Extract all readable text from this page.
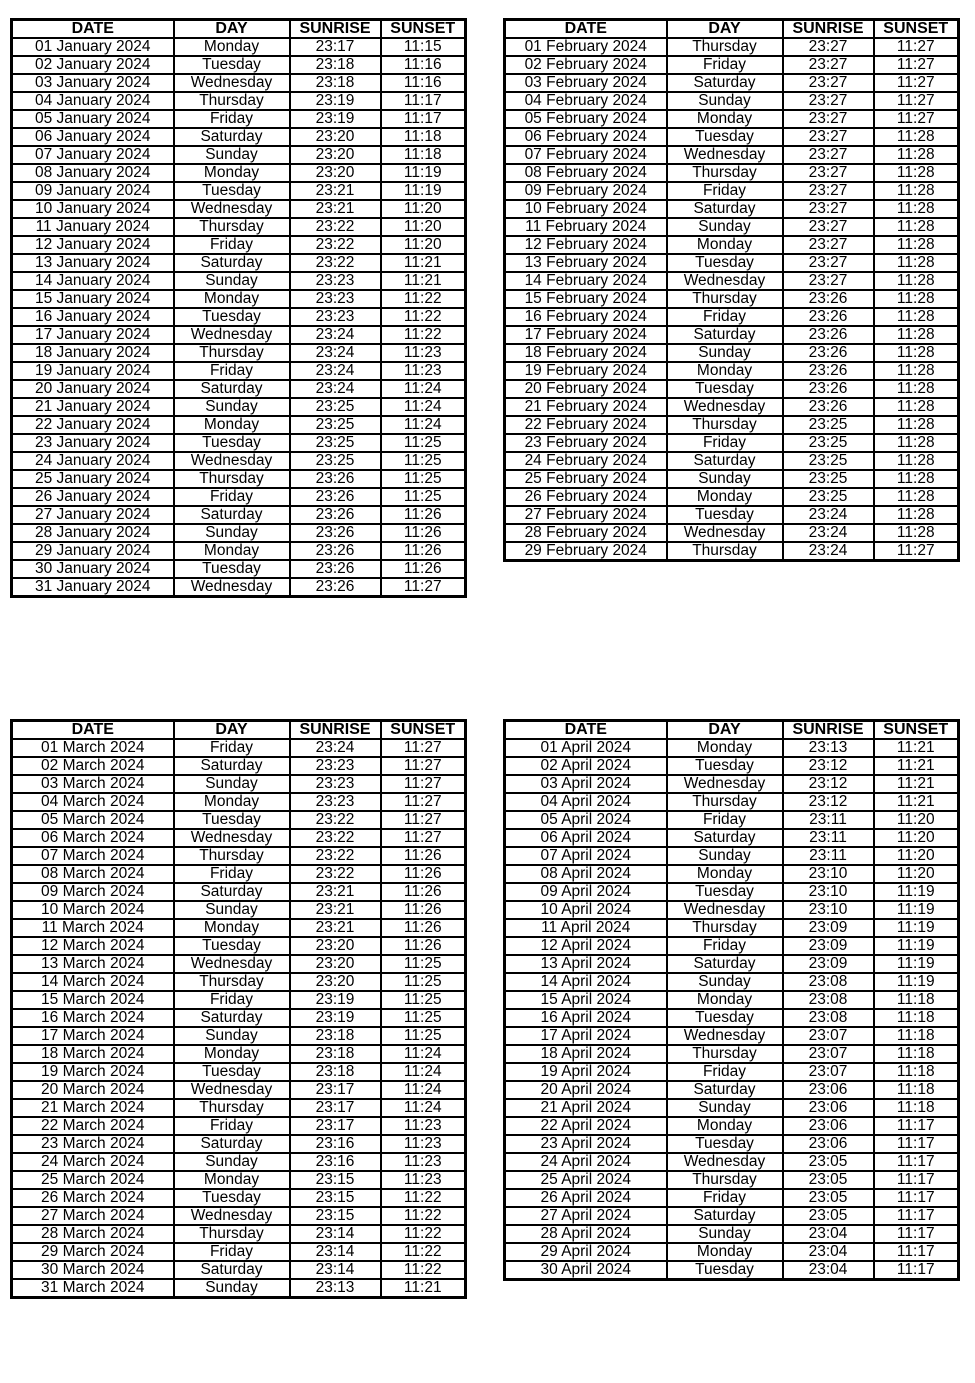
DATE	DAY	SUNRISE	SUNSET
01 January 2024	Monday	23:17	11:15
02 January 2024	Tuesday	23:18	11:16
03 January 2024	Wednesday	23:18	11:16
04 January 2024	Thursday	23:19	11:17
05 January 2024	Friday	23:19	11:17
06 January 2024	Saturday	23:20	11:18
07 January 2024	Sunday	23:20	11:18
08 January 2024	Monday	23:20	11:19
09 January 2024	Tuesday	23:21	11:19
10 January 2024	Wednesday	23:21	11:20
11 January 2024	Thursday	23:22	11:20
12 January 2024	Friday	23:22	11:20
13 January 2024	Saturday	23:22	11:21
14 January 2024	Sunday	23:23	11:21
15 January 2024	Monday	23:23	11:22
16 January 2024	Tuesday	23:23	11:22
17 January 2024	Wednesday	23:24	11:22
18 January 2024	Thursday	23:24	11:23
19 January 2024	Friday	23:24	11:23
20 January 2024	Saturday	23:24	11:24
21 January 2024	Sunday	23:25	11:24
22 January 2024	Monday	23:25	11:24
23 January 2024	Tuesday	23:25	11:25
24 January 2024	Wednesday	23:25	11:25
25 January 2024	Thursday	23:26	11:25
26 January 2024	Friday	23:26	11:25
27 January 2024	Saturday	23:26	11:26
28 January 2024	Sunday	23:26	11:26
29 January 2024	Monday	23:26	11:26
30 January 2024	Tuesday	23:26	11:26
31 January 2024	Wednesday	23:26	11:27
DATE	DAY	SUNRISE	SUNSET
01 February 2024	Thursday	23:27	11:27
02 February 2024	Friday	23:27	11:27
03 February 2024	Saturday	23:27	11:27
04 February 2024	Sunday	23:27	11:27
05 February 2024	Monday	23:27	11:27
06 February 2024	Tuesday	23:27	11:28
07 February 2024	Wednesday	23:27	11:28
08 February 2024	Thursday	23:27	11:28
09 February 2024	Friday	23:27	11:28
10 February 2024	Saturday	23:27	11:28
11 February 2024	Sunday	23:27	11:28
12 February 2024	Monday	23:27	11:28
13 February 2024	Tuesday	23:27	11:28
14 February 2024	Wednesday	23:27	11:28
15 February 2024	Thursday	23:26	11:28
16 February 2024	Friday	23:26	11:28
17 February 2024	Saturday	23:26	11:28
18 February 2024	Sunday	23:26	11:28
19 February 2024	Monday	23:26	11:28
20 February 2024	Tuesday	23:26	11:28
21 February 2024	Wednesday	23:26	11:28
22 February 2024	Thursday	23:25	11:28
23 February 2024	Friday	23:25	11:28
24 February 2024	Saturday	23:25	11:28
25 February 2024	Sunday	23:25	11:28
26 February 2024	Monday	23:25	11:28
27 February 2024	Tuesday	23:24	11:28
28 February 2024	Wednesday	23:24	11:28
29 February 2024	Thursday	23:24	11:27
DATE	DAY	SUNRISE	SUNSET
01 March 2024	Friday	23:24	11:27
02 March 2024	Saturday	23:23	11:27
03 March 2024	Sunday	23:23	11:27
04 March 2024	Monday	23:23	11:27
05 March 2024	Tuesday	23:22	11:27
06 March 2024	Wednesday	23:22	11:27
07 March 2024	Thursday	23:22	11:26
08 March 2024	Friday	23:22	11:26
09 March 2024	Saturday	23:21	11:26
10 March 2024	Sunday	23:21	11:26
11 March 2024	Monday	23:21	11:26
12 March 2024	Tuesday	23:20	11:26
13 March 2024	Wednesday	23:20	11:25
14 March 2024	Thursday	23:20	11:25
15 March 2024	Friday	23:19	11:25
16 March 2024	Saturday	23:19	11:25
17 March 2024	Sunday	23:18	11:25
18 March 2024	Monday	23:18	11:24
19 March 2024	Tuesday	23:18	11:24
20 March 2024	Wednesday	23:17	11:24
21 March 2024	Thursday	23:17	11:24
22 March 2024	Friday	23:17	11:23
23 March 2024	Saturday	23:16	11:23
24 March 2024	Sunday	23:16	11:23
25 March 2024	Monday	23:15	11:23
26 March 2024	Tuesday	23:15	11:22
27 March 2024	Wednesday	23:15	11:22
28 March 2024	Thursday	23:14	11:22
29 March 2024	Friday	23:14	11:22
30 March 2024	Saturday	23:14	11:22
31 March 2024	Sunday	23:13	11:21
DATE	DAY	SUNRISE	SUNSET
01 April 2024	Monday	23:13	11:21
02 April 2024	Tuesday	23:12	11:21
03 April 2024	Wednesday	23:12	11:21
04 April 2024	Thursday	23:12	11:21
05 April 2024	Friday	23:11	11:20
06 April 2024	Saturday	23:11	11:20
07 April 2024	Sunday	23:11	11:20
08 April 2024	Monday	23:10	11:20
09 April 2024	Tuesday	23:10	11:19
10 April 2024	Wednesday	23:10	11:19
11 April 2024	Thursday	23:09	11:19
12 April 2024	Friday	23:09	11:19
13 April 2024	Saturday	23:09	11:19
14 April 2024	Sunday	23:08	11:19
15 April 2024	Monday	23:08	11:18
16 April 2024	Tuesday	23:08	11:18
17 April 2024	Wednesday	23:07	11:18
18 April 2024	Thursday	23:07	11:18
19 April 2024	Friday	23:07	11:18
20 April 2024	Saturday	23:06	11:18
21 April 2024	Sunday	23:06	11:18
22 April 2024	Monday	23:06	11:17
23 April 2024	Tuesday	23:06	11:17
24 April 2024	Wednesday	23:05	11:17
25 April 2024	Thursday	23:05	11:17
26 April 2024	Friday	23:05	11:17
27 April 2024	Saturday	23:05	11:17
28 April 2024	Sunday	23:04	11:17
29 April 2024	Monday	23:04	11:17
30 April 2024	Tuesday	23:04	11:17
